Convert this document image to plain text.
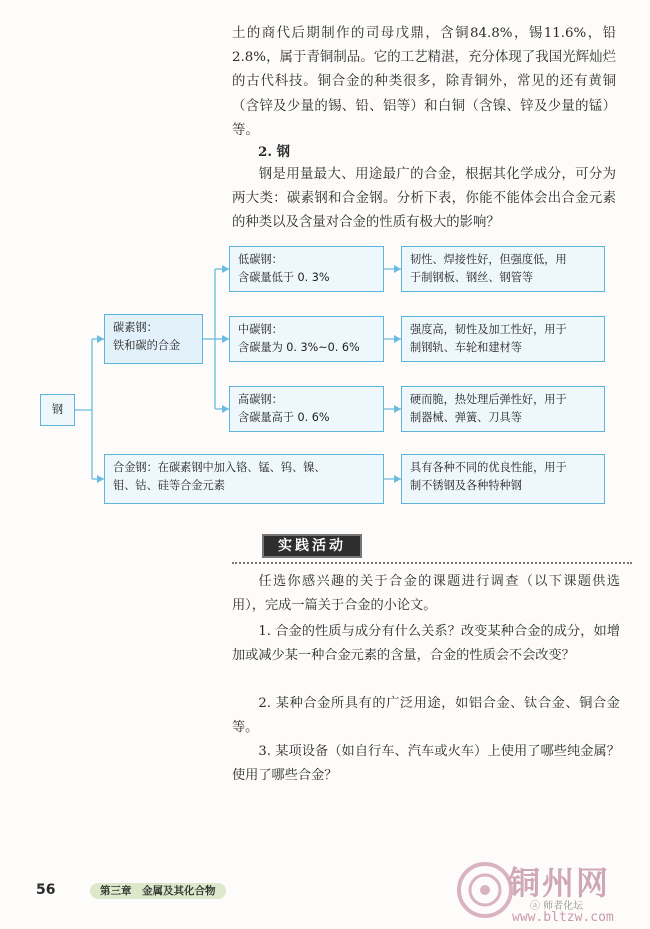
土的商代后期制作的司母戊鼎，含铜84.8%，锡11.6%，铅2.8%，属于青铜制品。它的工艺精湛，充分体现了我国光辉灿烂的古代科技。铜合金的种类很多，除青铜外，常见的还有黄铜（含锌及少量的锡、铅、铝等）和白铜（含镍、锌及少量的锰）等。

2. 钢

钢是用量最大、用途最广的合金，根据其化学成分，可分为两大类：碳素钢和合金钢。分析下表，你能不能体会出合金元素的种类以及含量对合金的性质有极大的影响？

钢
碳素钢：
铁和碳的合金
低碳钢：
含碳量低于 0. 3%
中碳钢：
含碳量为 0. 3%~0. 6%
高碳钢：
含碳量高于 0. 6%
合金钢：在碳素钢中加入铬、锰、钨、镍、
钼、钴、硅等合金元素
韧性、焊接性好，但强度低，用
于制钢板、钢丝、钢管等
强度高，韧性及加工性好，用于
制钢轨、车轮和建材等
硬而脆，热处理后弹性好，用于
制器械、弹簧、刀具等
具有各种不同的优良性能，用于
制不锈钢及各种特种钢
实践活动

任选你感兴趣的关于合金的课题进行调查（以下课题供选用），完成一篇关于合金的小论文。

1. 合金的性质与成分有什么关系？改变某种合金的成分，如增加或减少某一种合金元素的含量，合金的性质会不会改变？

2. 某种合金所具有的广泛用途，如铝合金、钛合金、铜合金等。

3. 某项设备（如自行车、汽车或火车）上使用了哪些纯金属？使用了哪些合金？

56	第三章　金属及其化合物	铜州网
ⓐ 师者化坛
www.bltzw.com
